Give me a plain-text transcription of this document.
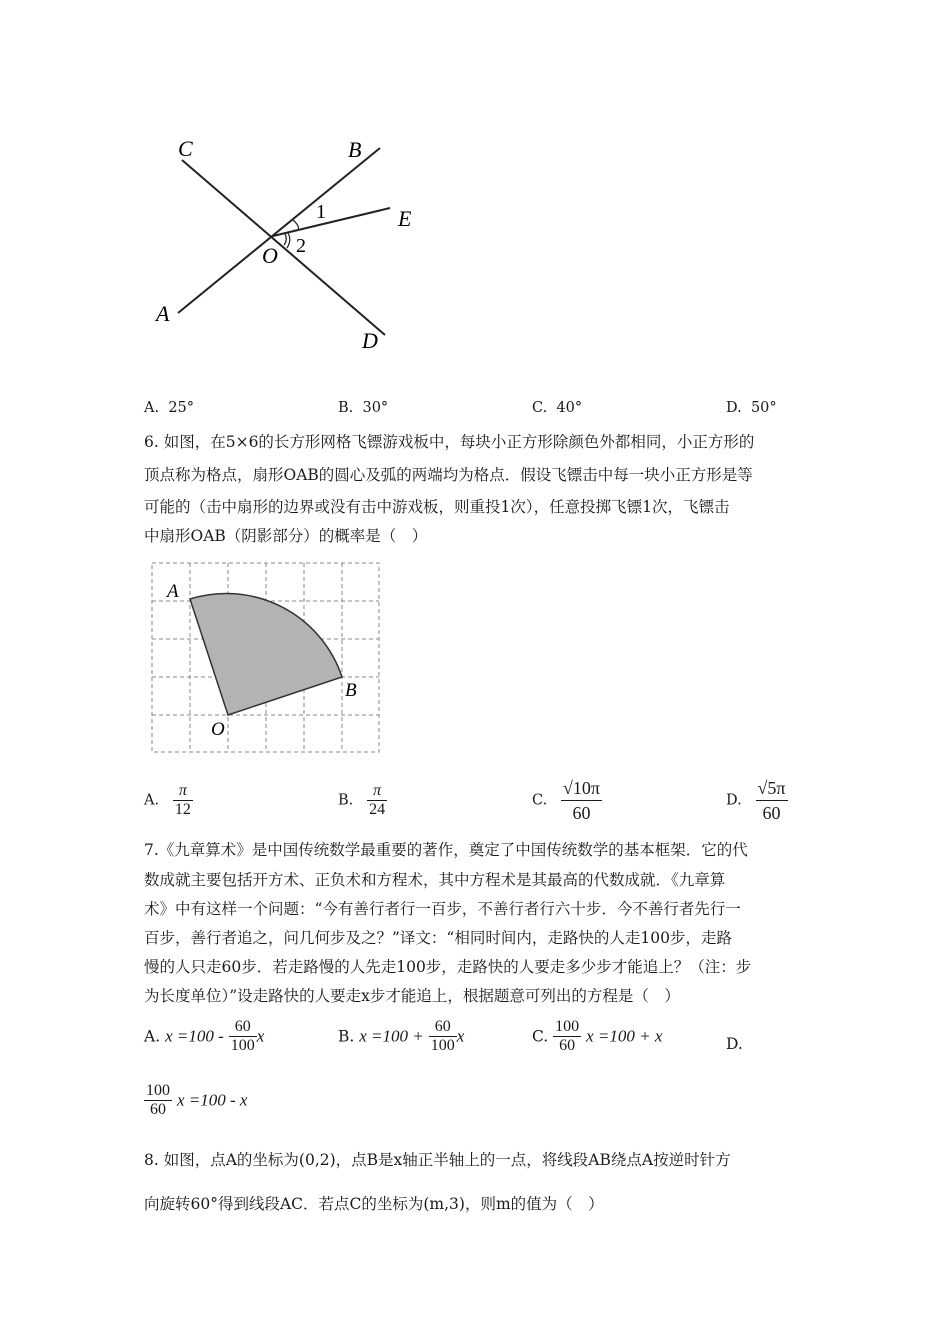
C	B
E
1
2
O
A
D
A. 25°	B. 30°	C. 40°	D. 50°
6. 如图，在5×6的长方形网格飞镖游戏板中，每块小正方形除颜色外都相同，小正方形的
顶点称为格点，扇形OAB的圆心及弧的两端均为格点．假设飞镖击中每一块小正方形是等
可能的（击中扇形的边界或没有击中游戏板，则重投1次），任意投掷飞镖1次，飞镖击
中扇形OAB（阴影部分）的概率是（　）
A
B
O
A. $\frac{\pi}{12}$	B. $\frac{\pi}{24}$	C. $\frac{√10\pi}{60}$	D. $\frac{√5\pi}{60}$
7.《九章算术》是中国传统数学最重要的著作，奠定了中国传统数学的基本框架．它的代
数成就主要包括开方术、正负术和方程术，其中方程术是其最高的代数成就．《九章算
术》中有这样一个问题：“今有善行者行一百步，不善行者行六十步．今不善行者先行一
百步，善行者追之，问几何步及之？”译文：“相同时间内，走路快的人走100步，走路
慢的人只走60步．若走路慢的人先走100步，走路快的人要走多少步才能追上？（注：步
为长度单位）”设走路快的人要走x步才能追上，根据题意可列出的方程是（　）
A. $x =100 - \frac{60}{100}$ x	B. $x =100 + \frac{60}{100}$ x	C. $\frac{100}{60}$ x =100 + x	D.
$\frac{100}{60}$ x =100 - x
8. 如图，点A的坐标为(0,2)，点B是x轴正半轴上的一点，将线段AB绕点A按逆时针方
向旋转60°得到线段AC．若点C的坐标为(m,3)，则m的值为（　）
